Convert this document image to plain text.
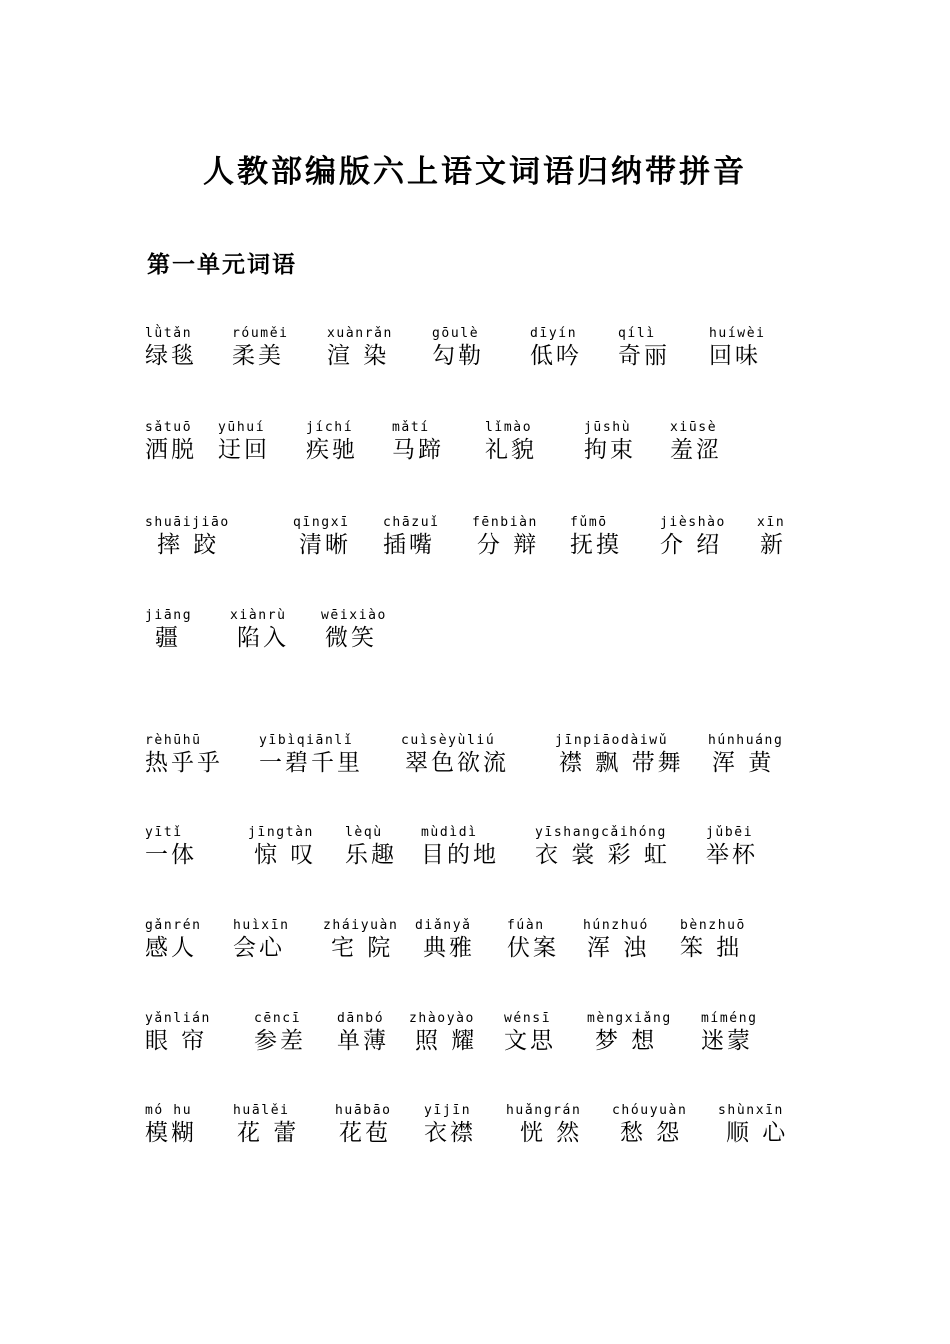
人教部编版六上语文词语归纳带拼音
第一单元词语
lǜtǎn
绿毯
róuměi
柔美
xuànrǎn
渲 染
gōulè
勾勒
dīyín
低吟
qílì
奇丽
huíwèi
回味
sǎtuō
洒脱
yūhuí
迂回
jíchí
疾驰
mǎtí
马蹄
lǐmào
礼貌
jūshù
拘束
xiūsè
羞涩
shuāijiāo
摔 跤
qīngxī
清晰
chāzuǐ
插嘴
fēnbiàn
分 辩
fǔmō
抚摸
jièshào
介 绍
xīn
新
jiāng
疆
xiànrù
陷入
wēixiào
微笑
rèhūhū
热乎乎
yībìqiānlǐ
一碧千里
cuìsèyùliú
翠色欲流
jīnpiāodàiwǔ
襟 飘 带舞
húnhuáng
浑 黄
yītǐ
一体
jīngtàn
惊 叹
lèqù
乐趣
mùdìdì
目的地
yīshangcǎihóng
衣 裳 彩 虹
jǔbēi
举杯
gǎnrén
感人
huìxīn
会心
zháiyuàn
宅 院
diǎnyǎ
典雅
fúàn
伏案
húnzhuó
浑 浊
bènzhuō
笨 拙
yǎnlián
眼 帘
cēncī
参差
dānbó
单薄
zhàoyào
照 耀
wénsī
文思
mèngxiǎng
梦 想
míméng
迷蒙
mó hu
模糊
huālěi
花 蕾
huābāo
花苞
yījīn
衣襟
huǎngrán
恍 然
chóuyuàn
愁 怨
shùnxīn
顺 心
